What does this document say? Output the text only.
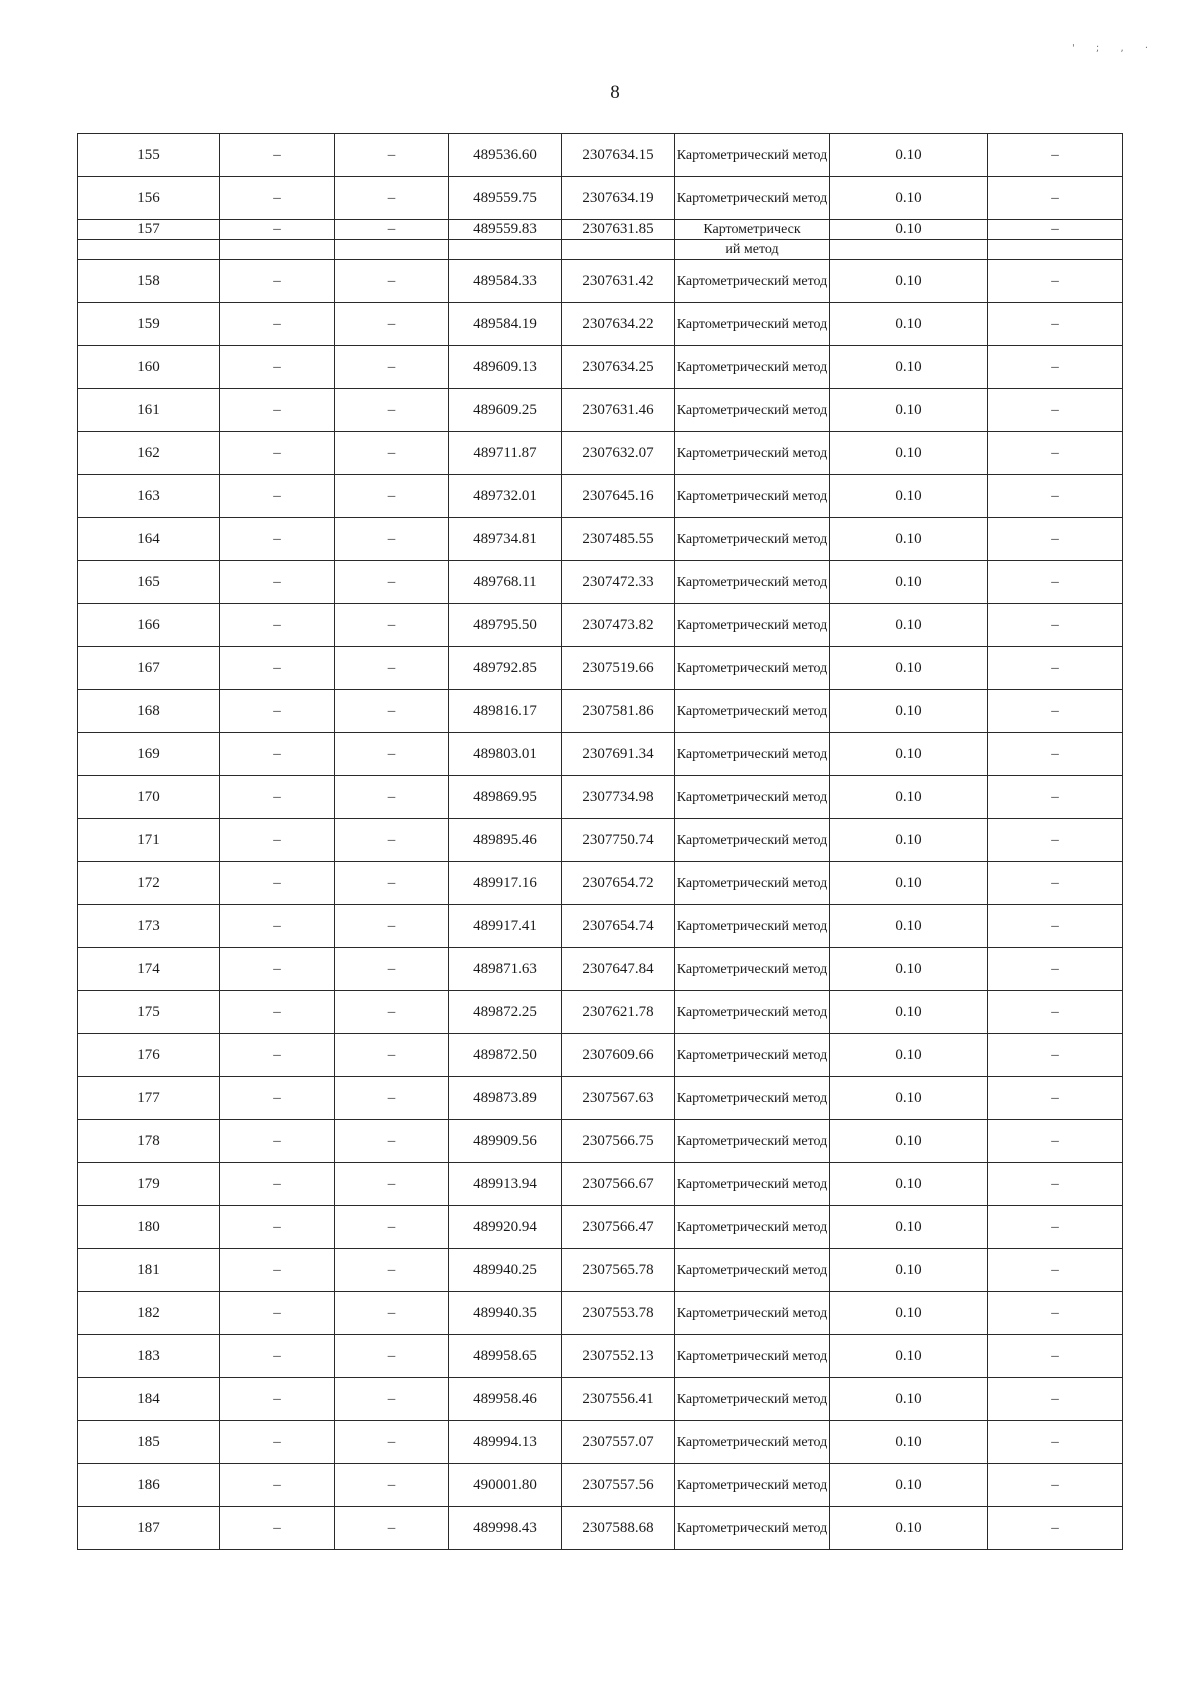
8
' ; , ·
155	–	–	489536.60	2307634.15	Картометрический метод	0.10	–
156	–	–	489559.75	2307634.19	Картометрический метод	0.10	–
157	–	–	489559.83	2307631.85	Картометрическ	0.10	–
					ий метод		
158	–	–	489584.33	2307631.42	Картометрический метод	0.10	–
159	–	–	489584.19	2307634.22	Картометрический метод	0.10	–
160	–	–	489609.13	2307634.25	Картометрический метод	0.10	–
161	–	–	489609.25	2307631.46	Картометрический метод	0.10	–
162	–	–	489711.87	2307632.07	Картометрический метод	0.10	–
163	–	–	489732.01	2307645.16	Картометрический метод	0.10	–
164	–	–	489734.81	2307485.55	Картометрический метод	0.10	–
165	–	–	489768.11	2307472.33	Картометрический метод	0.10	–
166	–	–	489795.50	2307473.82	Картометрический метод	0.10	–
167	–	–	489792.85	2307519.66	Картометрический метод	0.10	–
168	–	–	489816.17	2307581.86	Картометрический метод	0.10	–
169	–	–	489803.01	2307691.34	Картометрический метод	0.10	–
170	–	–	489869.95	2307734.98	Картометрический метод	0.10	–
171	–	–	489895.46	2307750.74	Картометрический метод	0.10	–
172	–	–	489917.16	2307654.72	Картометрический метод	0.10	–
173	–	–	489917.41	2307654.74	Картометрический метод	0.10	–
174	–	–	489871.63	2307647.84	Картометрический метод	0.10	–
175	–	–	489872.25	2307621.78	Картометрический метод	0.10	–
176	–	–	489872.50	2307609.66	Картометрический метод	0.10	–
177	–	–	489873.89	2307567.63	Картометрический метод	0.10	–
178	–	–	489909.56	2307566.75	Картометрический метод	0.10	–
179	–	–	489913.94	2307566.67	Картометрический метод	0.10	–
180	–	–	489920.94	2307566.47	Картометрический метод	0.10	–
181	–	–	489940.25	2307565.78	Картометрический метод	0.10	–
182	–	–	489940.35	2307553.78	Картометрический метод	0.10	–
183	–	–	489958.65	2307552.13	Картометрический метод	0.10	–
184	–	–	489958.46	2307556.41	Картометрический метод	0.10	–
185	–	–	489994.13	2307557.07	Картометрический метод	0.10	–
186	–	–	490001.80	2307557.56	Картометрический метод	0.10	–
187	–	–	489998.43	2307588.68	Картометрический метод	0.10	–
